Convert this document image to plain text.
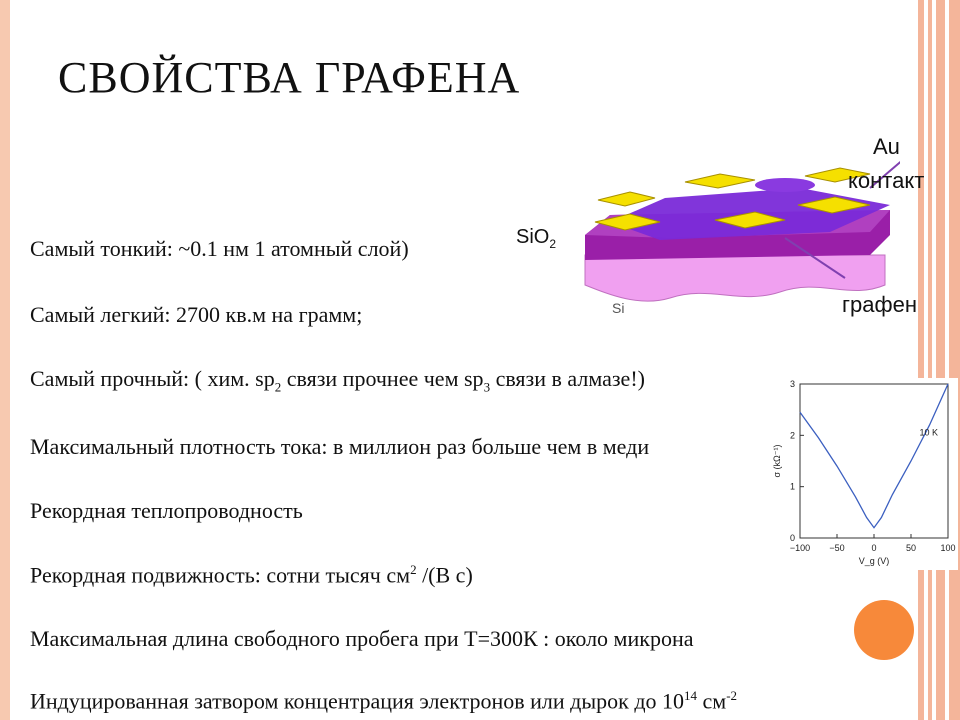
СВОЙСТВА ГРАФЕНА

Самый тонкий: ~0.1 нм 1 атомный слой)

Самый легкий: 2700 кв.м на грамм;

Самый прочный: ( хим. $sp_2$ связи прочнее чем $sp_3$ связи в алмазе!)

Максимальный плотность тока: в миллион раз больше чем в меди

Рекордная теплопроводность

Рекордная подвижность: сотни тысяч $см^2$ /(В с)

Максимальная длина свободного пробега при Т=300К : около микрона

Индуцированная затвором концентрация электронов или дырок до $10^{14}$ $см^{-2}$

Au
контакт
SiO$_2$
Si	графен
−100 −50	0	50	100
0
1
2
3
10 K
V_g (V)
σ (kΩ⁻¹)
